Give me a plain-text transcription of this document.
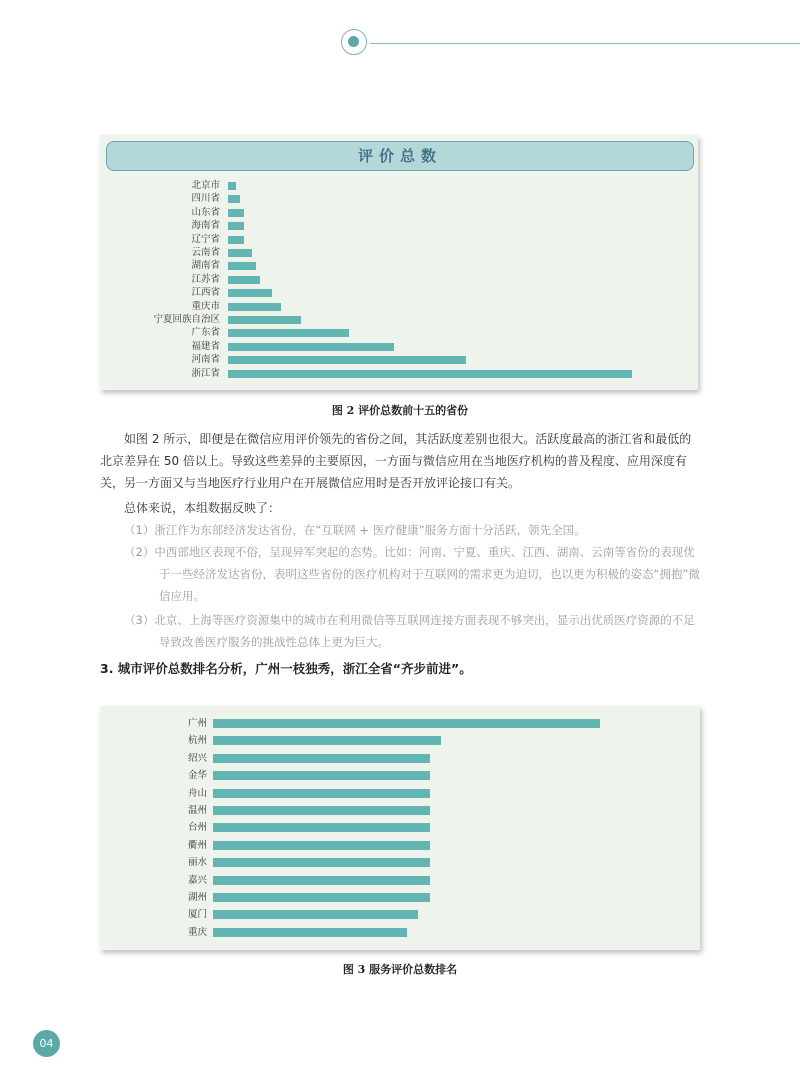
评价总数
北京市
四川省
山东省
海南省
辽宁省
云南省
湖南省
江苏省
江西省
重庆市
宁夏回族自治区
广东省
福建省
河南省
浙江省
图 2 评价总数前十五的省份
如图 2 所示，即便是在微信应用评价领先的省份之间，其活跃度差别也很大。活跃度最高的浙江省和最低的北京差异在 50 倍以上。导致这些差异的主要原因，一方面与微信应用在当地医疗机构的普及程度、应用深度有关，另一方面又与当地医疗行业用户在开展微信应用时是否开放评论接口有关。
总体来说，本组数据反映了：
（1）浙江作为东部经济发达省份，在“互联网 + 医疗健康”服务方面十分活跃，领先全国。
（2）中西部地区表现不俗，呈现异军突起的态势。比如：河南、宁夏、重庆、江西、湖南、云南等省份的表现优于一些经济发达省份，表明这些省份的医疗机构对于互联网的需求更为迫切，也以更为积极的姿态“拥抱”微信应用。
（3）北京、上海等医疗资源集中的城市在利用微信等互联网连接方面表现不够突出，显示出优质医疗资源的不足导致改善医疗服务的挑战性总体上更为巨大。
3. 城市评价总数排名分析，广州一枝独秀，浙江全省“齐步前进”。
广州
杭州
绍兴
金华
舟山
温州
台州
衢州
丽水
嘉兴
湖州
厦门
重庆
图 3 服务评价总数排名
04
